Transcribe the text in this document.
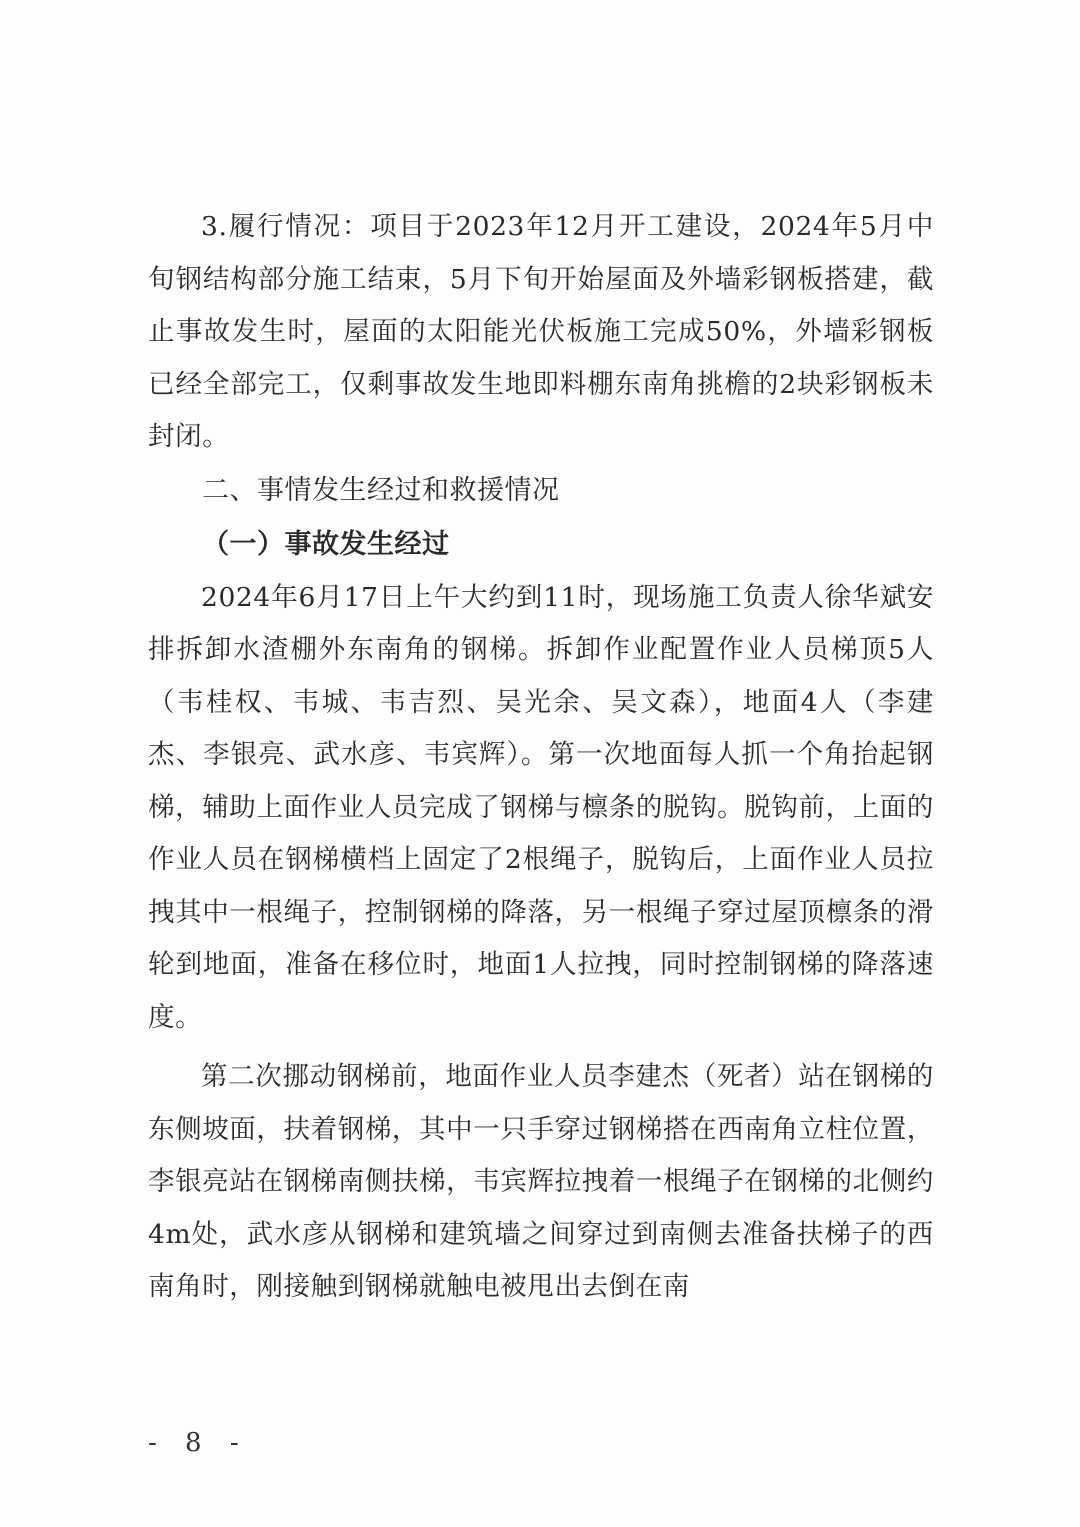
3.履行情况：项目于2023年12月开工建设，2024年5月中旬钢结构部分施工结束，5月下旬开始屋面及外墙彩钢板搭建，截止事故发生时，屋面的太阳能光伏板施工完成50%，外墙彩钢板已经全部完工，仅剩事故发生地即料棚东南角挑檐的2块彩钢板未封闭。

二、事情发生经过和救援情况
（一）事故发生经过

2024年6月17日上午大约到11时，现场施工负责人徐华斌安排拆卸水渣棚外东南角的钢梯。拆卸作业配置作业人员梯顶5人（韦桂权、韦城、韦吉烈、吴光余、吴文森），地面4人（李建杰、李银亮、武水彦、韦宾辉）。第一次地面每人抓一个角抬起钢梯，辅助上面作业人员完成了钢梯与檩条的脱钩。脱钩前，上面的作业人员在钢梯横档上固定了2根绳子，脱钩后，上面作业人员拉拽其中一根绳子，控制钢梯的降落，另一根绳子穿过屋顶檩条的滑轮到地面，准备在移位时，地面1人拉拽，同时控制钢梯的降落速度。

第二次挪动钢梯前，地面作业人员李建杰（死者）站在钢梯的东侧坡面，扶着钢梯，其中一只手穿过钢梯搭在西南角立柱位置，李银亮站在钢梯南侧扶梯，韦宾辉拉拽着一根绳子在钢梯的北侧约4m处，武水彦从钢梯和建筑墙之间穿过到南侧去准备扶梯子的西南角时，刚接触到钢梯就触电被甩出去倒在南

- 8 -
